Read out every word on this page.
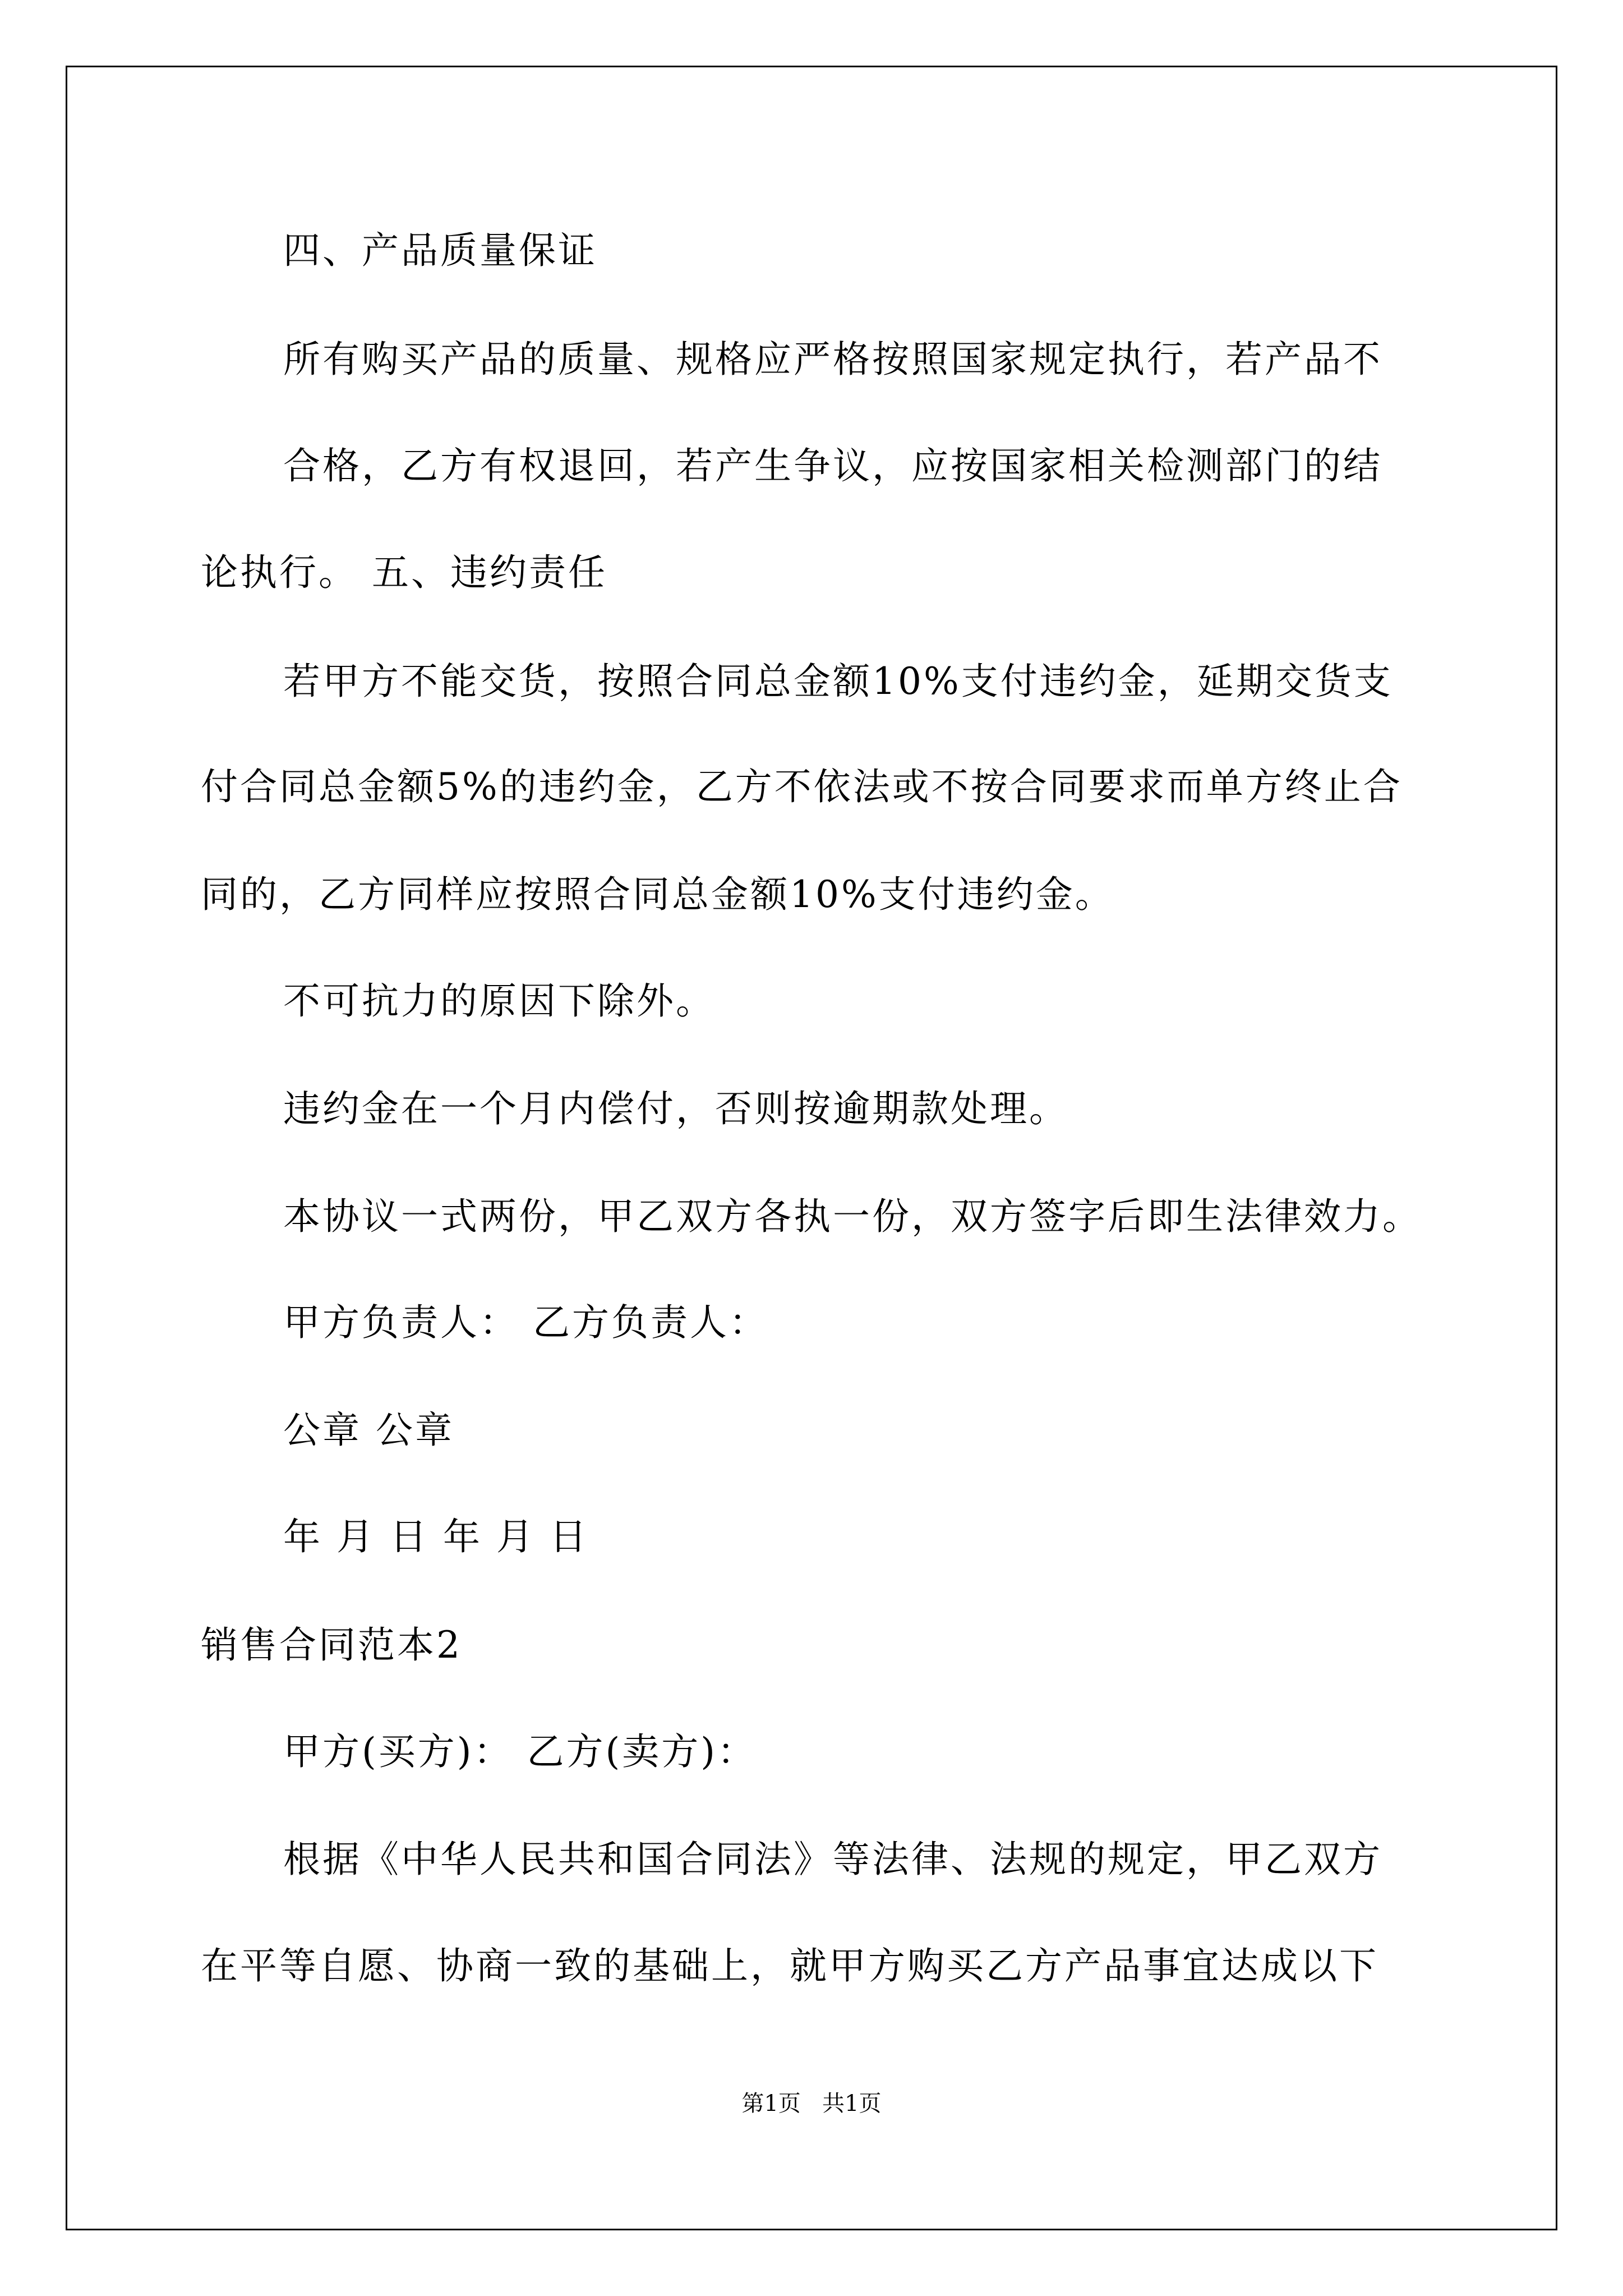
四、产品质量保证
所有购买产品的质量、规格应严格按照国家规定执行，若产品不
合格，乙方有权退回，若产生争议，应按国家相关检测部门的结
论执行。 五、违约责任
若甲方不能交货，按照合同总金额10%支付违约金，延期交货支
付合同总金额5%的违约金，乙方不依法或不按合同要求而单方终止合
同的，乙方同样应按照合同总金额10%支付违约金。
不可抗力的原因下除外。
违约金在一个月内偿付，否则按逾期款处理。
本协议一式两份，甲乙双方各执一份，双方签字后即生法律效力。
甲方负责人： 乙方负责人：
公章 公章
年 月 日 年 月 日
销售合同范本2
甲方(买方)： 乙方(卖方)：
根据《中华人民共和国合同法》等法律、法规的规定，甲乙双方
在平等自愿、协商一致的基础上，就甲方购买乙方产品事宜达成以下
第1页   共1页
